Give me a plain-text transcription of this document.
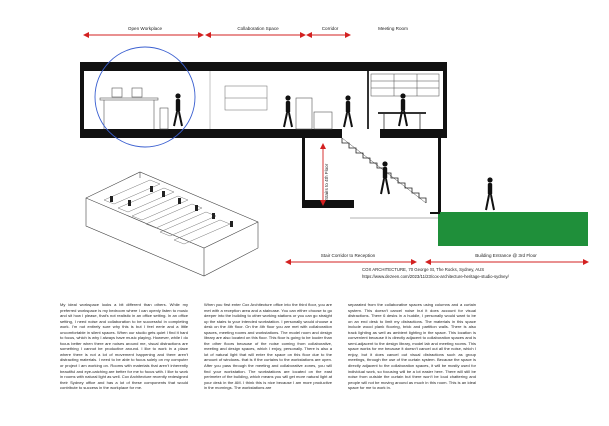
Open Workplace	Collaboration Space	Corridor	Meeting Room
Stairs to 4th Floor
Stair Corridor to Reception	Building Entrance @ 3rd Floor
COX ARCHITECTURE, 70 George St, The Rocks, Sydney, AUS
https://www.dezeen.com/2023/11/23/cox-architecture-heritage-studio-sydney/
My ideal workspace looks a bit different than others. While my preferred workspace is my bedroom where I can openly listen to music and sit how I please, that's not realistic in an office setting. In an office setting, I need noise and collaboration to be successful in completing work. I'm not entirely sure why this is but I feel eerie and a little uncomfortable in silent spaces. When our studio gets quiet I find it hard to focus, which is why I always have music playing. However, while I do focus better when there are noises around me, visual distractions are something I cannot be productive around. I like to work in a place where there is not a lot of movement happening and there aren't distracting materials. I need to be able to focus solely on my computer or project I am working on. Rooms with materials that aren't inherently beautiful and eye-catching are better for me to focus with. I like to work in rooms with natural light as well. Cox Architecture recently redesigned their Sydney office and has a lot of these components that would contribute to success in the workplace for me.
When you first enter Cox Architecture office into the third floor, you are met with a reception area and a staircase. You can either choose to go deeper into the building to other working stations or you can go straight up the stairs to your intended workstation. I personally would choose a desk on the 4th floor. On the 4th floor you are met with collaboration spaces, meeting rooms and workstations. The model room and design library are also located on this floor. This floor is going to be louder than the other floors because of the noise coming from collaborative, meeting and design spaces, which I enjoy, personally. There is also a lot of natural light that will enter the space on this floor due to the amount of windows- that is if the curtains to the workstations are open. After you pass through the meeting and collaborative zones, you will find your workstation. The workstations are located on the east perimeter of the building, which means you will get more natural light at your desk in the AM. I think this is nice because I am more productive in the mornings. The workstations are
separated from the collaborative spaces using columns and a curtain system. This doesn't cancel noise but it does account for visual distractions. There 6 desks in a huddle, I personally would want to be on an end desk to limit my distractions. The materials in this space include wood plank flooring, brick and partition walls. There is also track lighting as well as ambient lighting in the space. This location is convenient because it is directly adjacent to collaboration spaces and is semi-adjacent to the design library, model lab and meeting rooms. This space works for me because it doesn't cancel out all the noise, which I enjoy, but it does cancel out visual distractions such as group meetings, through the use of the curtain system. Because the space is directly adjacent to the collaboration spaces, it will be mostly used for individual work, so focusing will be a lot easier here. There will still be noise from outside the curtain but there won't be loud chattering and people will not be moving around as much in this room. This is an ideal space for me to work in.
